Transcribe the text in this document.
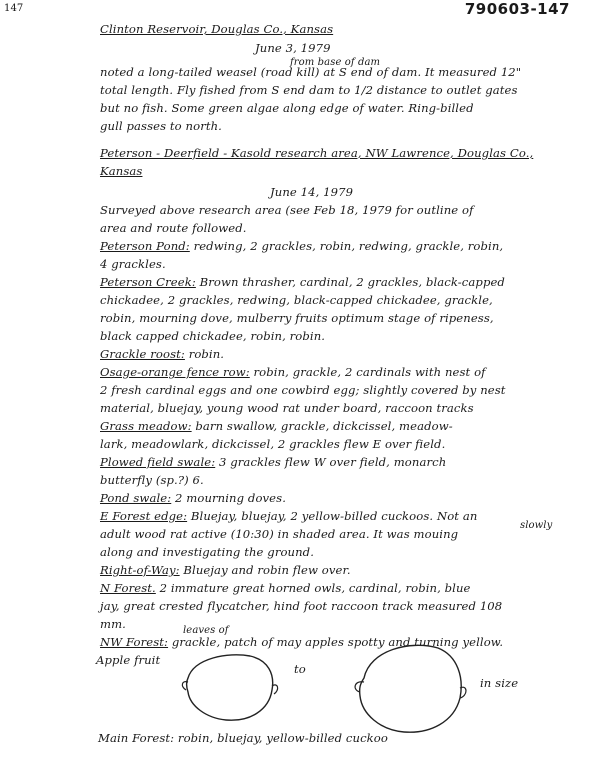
147	790603-147
Clinton Reservoir, Douglas Co., Kansas
June 3, 1979
from base of dam
noted a long-tailed weasel (road kill) at S end of dam. It measured 12"
total length. Fly fished from S end dam to 1/2 distance to outlet gates
but no fish. Some green algae along edge of water. Ring-billed
gull passes to north.
Peterson - Deerfield - Kasold research area, NW Lawrence, Douglas Co.,
Kansas
June 14, 1979
Surveyed above research area (see Feb 18, 1979 for outline of
area and route followed.
Peterson Pond: redwing, 2 grackles, robin, redwing, grackle, robin,
4 grackles.
Peterson Creek: Brown thrasher, cardinal, 2 grackles, black-capped
chickadee, 2 grackles, redwing, black-capped chickadee, grackle,
robin, mourning dove, mulberry fruits optimum stage of ripeness,
black capped chickadee, robin, robin.
Grackle roost: robin.
Osage-orange fence row: robin, grackle, 2 cardinals with nest of
2 fresh cardinal eggs and one cowbird egg; slightly covered by nest
material, bluejay, young wood rat under board, raccoon tracks
Grass meadow: barn swallow, grackle, dickcissel, meadow-
lark, meadowlark, dickcissel, 2 grackles flew E over field.
Plowed field swale: 3 grackles flew W over field, monarch
butterfly (sp.?) 6.
Pond swale: 2 mourning doves.
E Forest edge: Bluejay, bluejay, 2 yellow-billed cuckoos. Not an
slowly
adult wood rat active (10:30) in shaded area. It was mouing
along and investigating the ground.
Right-of-Way: Bluejay and robin flew over.
N Forest. 2 immature great horned owls, cardinal, robin, blue
jay, great crested flycatcher, hind foot raccoon track measured 108
mm.	leaves of
NW Forest: grackle, patch of may apples spotty and turning yellow.
Apple fruit
to
in size
Main Forest: robin, bluejay, yellow-billed cuckoo
